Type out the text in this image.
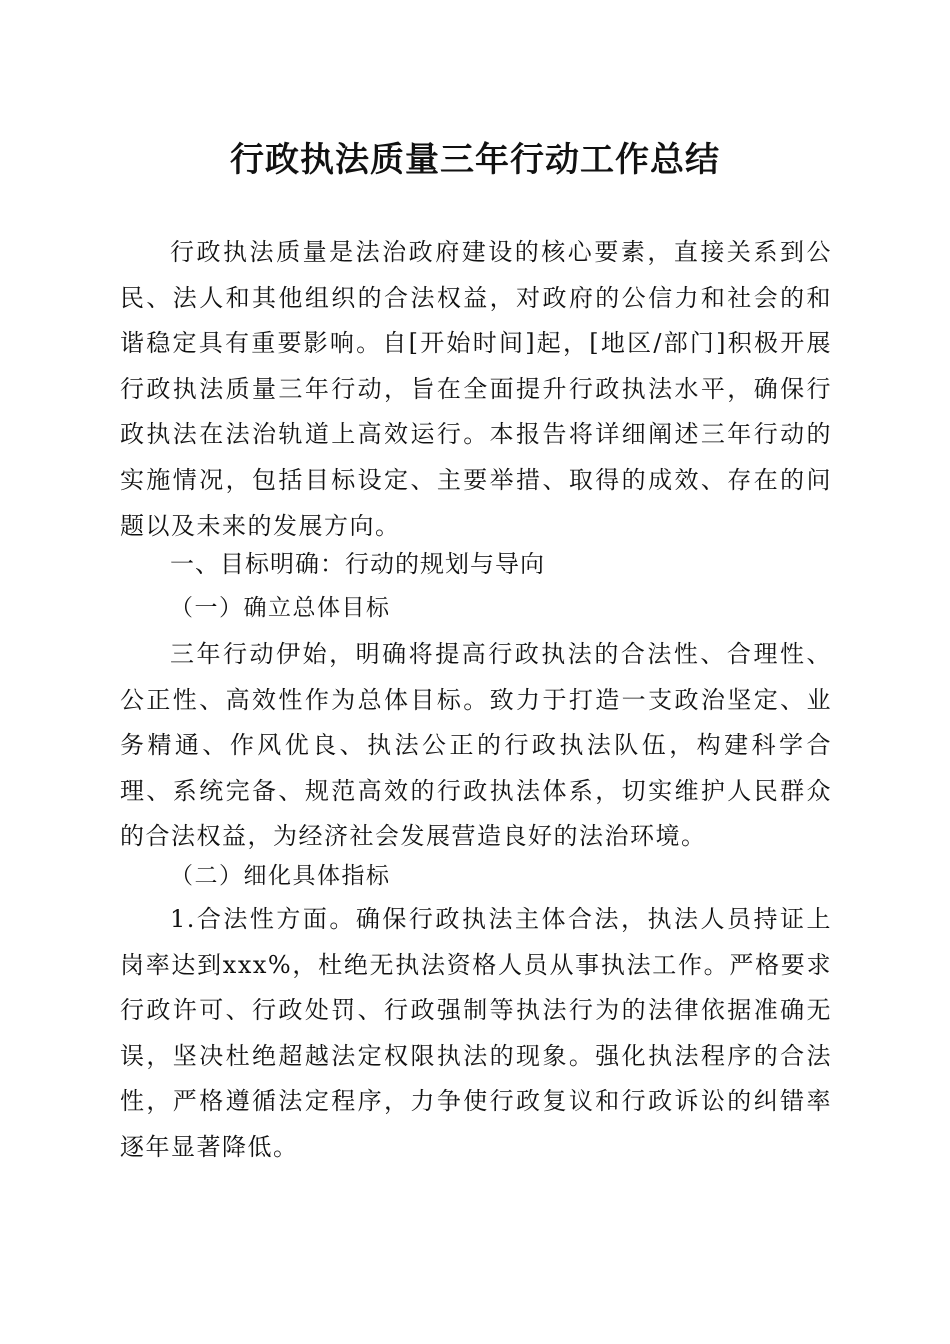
行政执法质量三年行动工作总结

行政执法质量是法治政府建设的核心要素，直接关系到公民、法人和其他组织的合法权益，对政府的公信力和社会的和谐稳定具有重要影响。自[开始时间]起，[地区/部门]积极开展行政执法质量三年行动，旨在全面提升行政执法水平，确保行政执法在法治轨道上高效运行。本报告将详细阐述三年行动的实施情况，包括目标设定、主要举措、取得的成效、存在的问题以及未来的发展方向。

一、目标明确：行动的规划与导向

（一）确立总体目标

三年行动伊始，明确将提高行政执法的合法性、合理性、公正性、高效性作为总体目标。致力于打造一支政治坚定、业务精通、作风优良、执法公正的行政执法队伍，构建科学合理、系统完备、规范高效的行政执法体系，切实维护人民群众的合法权益，为经济社会发展营造良好的法治环境。

（二）细化具体指标

1.合法性方面。确保行政执法主体合法，执法人员持证上岗率达到xxx%，杜绝无执法资格人员从事执法工作。严格要求行政许可、行政处罚、行政强制等执法行为的法律依据准确无误，坚决杜绝超越法定权限执法的现象。强化执法程序的合法性，严格遵循法定程序，力争使行政复议和行政诉讼的纠错率逐年显著降低。
